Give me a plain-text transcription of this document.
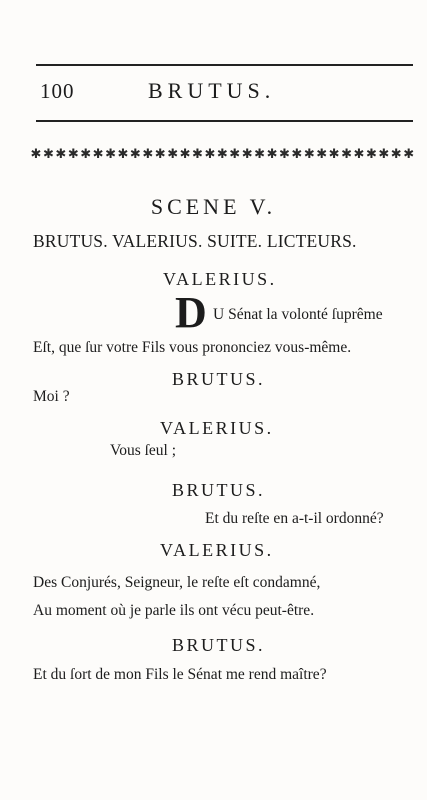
100	BRUTUS.
✱ ✱ ✱ ✱ ✱ ✱ ✱ ✱ ✱ ✱ ✱ ✱ ✱ ✱ ✱ ✱ ✱ ✱ ✱ ✱ ✱ ✱ ✱ ✱ ✱ ✱ ✱ ✱ ✱ ✱ ✱
SCENE V.
BRUTUS. VALERIUS. SUITE. LICTEURS.
VALERIUS.
D U Sénat la volonté ſuprême
Eſt, que ſur votre Fils vous prononciez vous-même.
BRUTUS.
Moi ?
VALERIUS.
Vous ſeul ;
BRUTUS.
Et du reſte en a-t-il ordonné?
VALERIUS.
Des Conjurés, Seigneur, le reſte eſt condamné,
Au moment où je parle ils ont vécu peut-être.
BRUTUS.
Et du ſort de mon Fils le Sénat me rend maître?
